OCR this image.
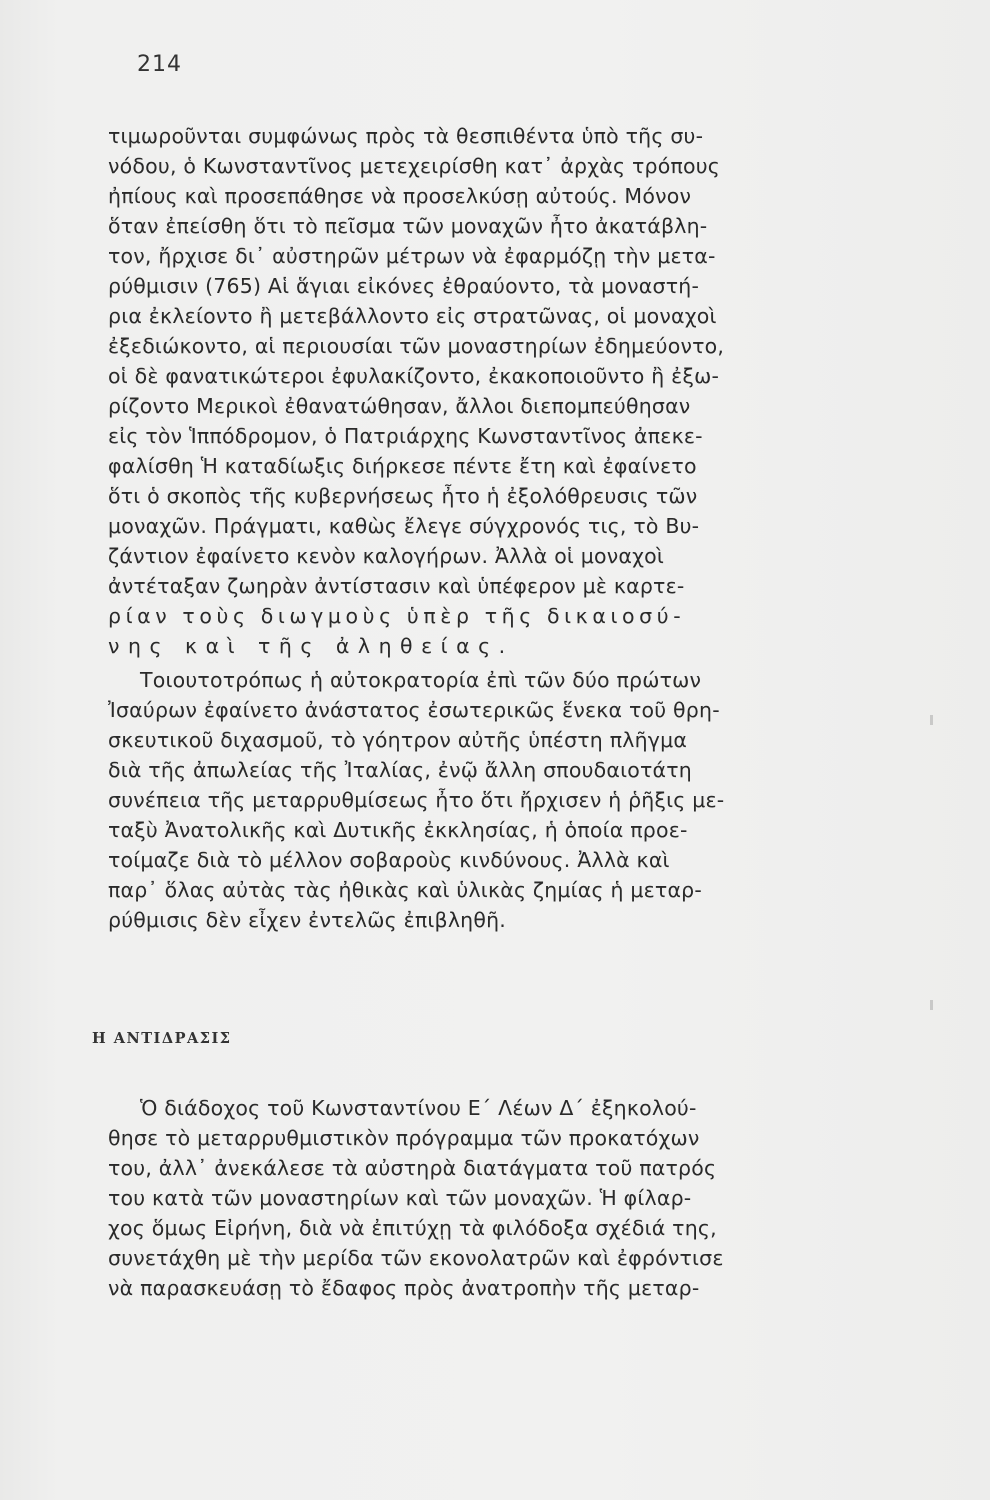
214
τιμωροῦνται συμφώνως πρὸς τὰ θεσπιθέντα ὑπὸ τῆς συ-
νόδου, ὁ Κωνσταντῖνος μετεχειρίσθη κατ᾽ ἀρχὰς τρόπους
ἠπίους καὶ προσεπάθησε νὰ προσελκύσῃ αὐτούς. Μόνον
ὅταν ἐπείσθη ὅτι τὸ πεῖσμα τῶν μοναχῶν ἦτο ἀκατάβλη-
τον, ἤρχισε δι᾽ αὐστηρῶν μέτρων νὰ ἐφαρμόζῃ τὴν μετα-
ρύθμισιν (765) Αἱ ἅγιαι εἰκόνες ἐθραύοντο, τὰ μοναστή-
ρια ἐκλείοντο ἢ μετεβάλλοντο εἰς στρατῶνας, οἱ μοναχοὶ
ἐξεδιώκοντο, αἱ περιουσίαι τῶν μοναστηρίων ἐδημεύοντο,
οἱ δὲ φανατικώτεροι ἐφυλακίζοντο, ἐκακοποιοῦντο ἢ ἐξω-
ρίζοντο Μερικοὶ ἐθανατώθησαν, ἄλλοι διεπομπεύθησαν
εἰς τὸν Ἱππόδρομον, ὁ Πατριάρχης Κωνσταντῖνος ἀπεκε-
φαλίσθη Ἡ καταδίωξις διήρκεσε πέντε ἔτη καὶ ἐφαίνετο
ὅτι ὁ σκοπὸς τῆς κυβερνήσεως ἦτο ἡ ἐξολόθρευσις τῶν
μοναχῶν. Πράγματι, καθὼς ἔλεγε σύγχρονός τις, τὸ Βυ-
ζάντιον ἐφαίνετο κενὸν καλογήρων. Ἀλλὰ οἱ μοναχοὶ
ἀντέταξαν ζωηρὰν ἀντίστασιν καὶ ὑπέφερον μὲ καρτε-
ρίαν τοὺς διωγμοὺς ὑπὲρ τῆς δικαιοσύ-
νης καὶ τῆς ἀληθείας.
Τοιουτοτρόπως ἡ αὐτοκρατορία ἐπὶ τῶν δύο πρώτων
Ἰσαύρων ἐφαίνετο ἀνάστατος ἐσωτερικῶς ἕνεκα τοῦ θρη-
σκευτικοῦ διχασμοῦ, τὸ γόητρον αὐτῆς ὑπέστη πλῆγμα
διὰ τῆς ἀπωλείας τῆς Ἰταλίας, ἐνῷ ἄλλη σπουδαιοτάτη
συνέπεια τῆς μεταρρυθμίσεως ἦτο ὅτι ἤρχισεν ἡ ῥῆξις με-
ταξὺ Ἀνατολικῆς καὶ Δυτικῆς ἐκκλησίας, ἡ ὁποία προε-
τοίμαζε διὰ τὸ μέλλον σοβαροὺς κινδύνους. Ἀλλὰ καὶ
παρ᾽ ὅλας αὐτὰς τὰς ἠθικὰς καὶ ὑλικὰς ζημίας ἡ μεταρ-
ρύθμισις δὲν εἶχεν ἐντελῶς ἐπιβληθῆ.
Ὁ διάδοχος τοῦ Κωνσταντίνου Ε΄ Λέων Δ΄ ἐξηκολού-
θησε τὸ μεταρρυθμιστικὸν πρόγραμμα τῶν προκατόχων
του, ἀλλ᾽ ἀνεκάλεσε τὰ αὐστηρὰ διατάγματα τοῦ πατρός
του κατὰ τῶν μοναστηρίων καὶ τῶν μοναχῶν. Ἡ φίλαρ-
χος ὅμως Εἰρήνη, διὰ νὰ ἐπιτύχῃ τὰ φιλόδοξα σχέδιά της,
συνετάχθη μὲ τὴν μερίδα τῶν εκονολατρῶν καὶ ἐφρόντισε
νὰ παρασκευάσῃ τὸ ἔδαφος πρὸς ἀνατροπὴν τῆς μεταρ-
Η ΑΝΤΙΔΡΑΣΙΣ
